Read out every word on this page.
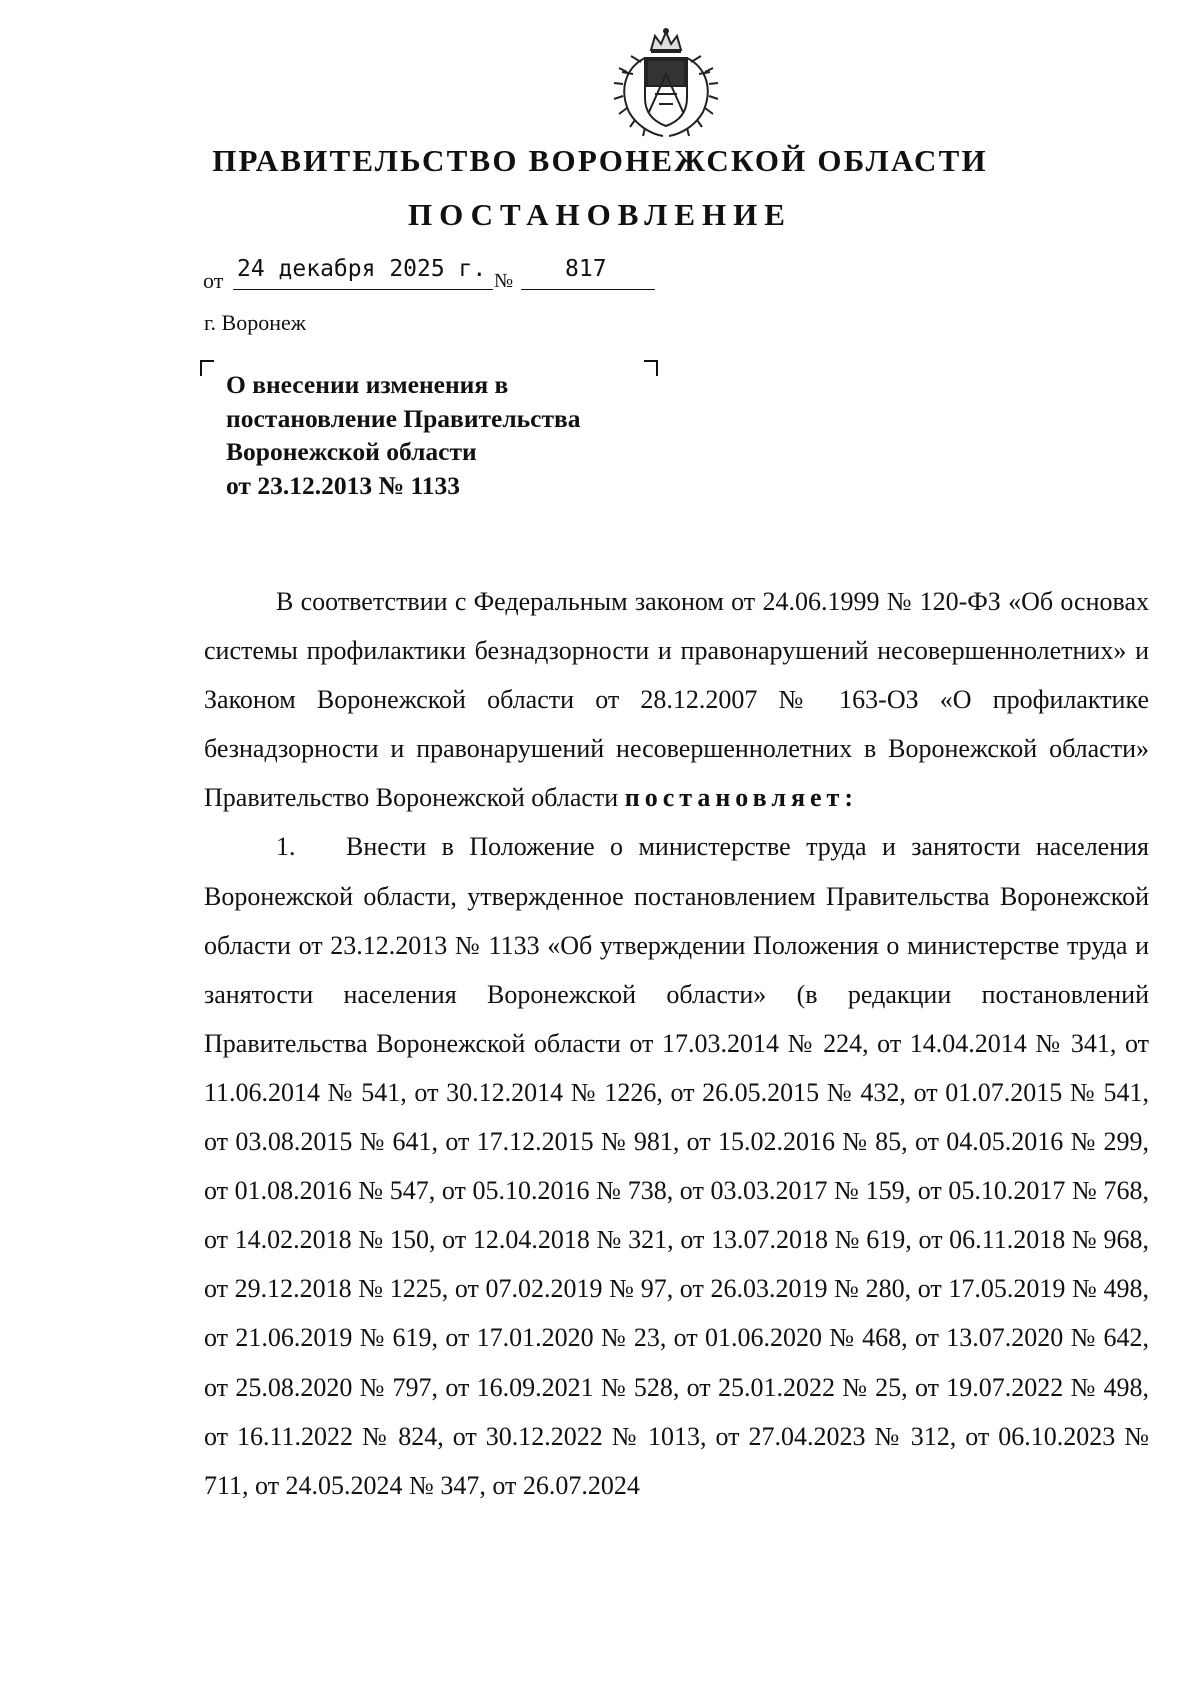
ПРАВИТЕЛЬСТВО ВОРОНЕЖСКОЙ ОБЛАСТИ
ПОСТАНОВЛЕНИЕ
от 24 декабря 2025 г. № 817
г. Воронеж
О внесении изменения в
постановление Правительства
Воронежской области
от 23.12.2013 № 1133

В соответствии с Федеральным законом от 24.06.1999 № 120-ФЗ «Об основах системы профилактики безнадзорности и правонарушений несовершеннолетних» и Законом Воронежской области от 28.12.2007 № 163-ОЗ «О профилактике безнадзорности и правонарушений несовершеннолетних в Воронежской области» Правительство Воронежской области постановляет:

1. Внести в Положение о министерстве труда и занятости населения Воронежской области, утвержденное постановлением Правительства Воронежской области от 23.12.2013 № 1133 «Об утверждении Положения о министерстве труда и занятости населения Воронежской области» (в редакции постановлений Правительства Воронежской области от 17.03.2014 № 224, от 14.04.2014 № 341, от 11.06.2014 № 541, от 30.12.2014 № 1226, от 26.05.2015 № 432, от 01.07.2015 № 541, от 03.08.2015 № 641, от 17.12.2015 № 981, от 15.02.2016 № 85, от 04.05.2016 № 299, от 01.08.2016 № 547, от 05.10.2016 № 738, от 03.03.2017 № 159, от 05.10.2017 № 768, от 14.02.2018 № 150, от 12.04.2018 № 321, от 13.07.2018 № 619, от 06.11.2018 № 968, от 29.12.2018 № 1225, от 07.02.2019 № 97, от 26.03.2019 № 280, от 17.05.2019 № 498, от 21.06.2019 № 619, от 17.01.2020 № 23, от 01.06.2020 № 468, от 13.07.2020 № 642, от 25.08.2020 № 797, от 16.09.2021 № 528, от 25.01.2022 № 25, от 19.07.2022 № 498, от 16.11.2022 № 824, от 30.12.2022 № 1013, от 27.04.2023 № 312, от 06.10.2023 № 711, от 24.05.2024 № 347, от 26.07.2024
